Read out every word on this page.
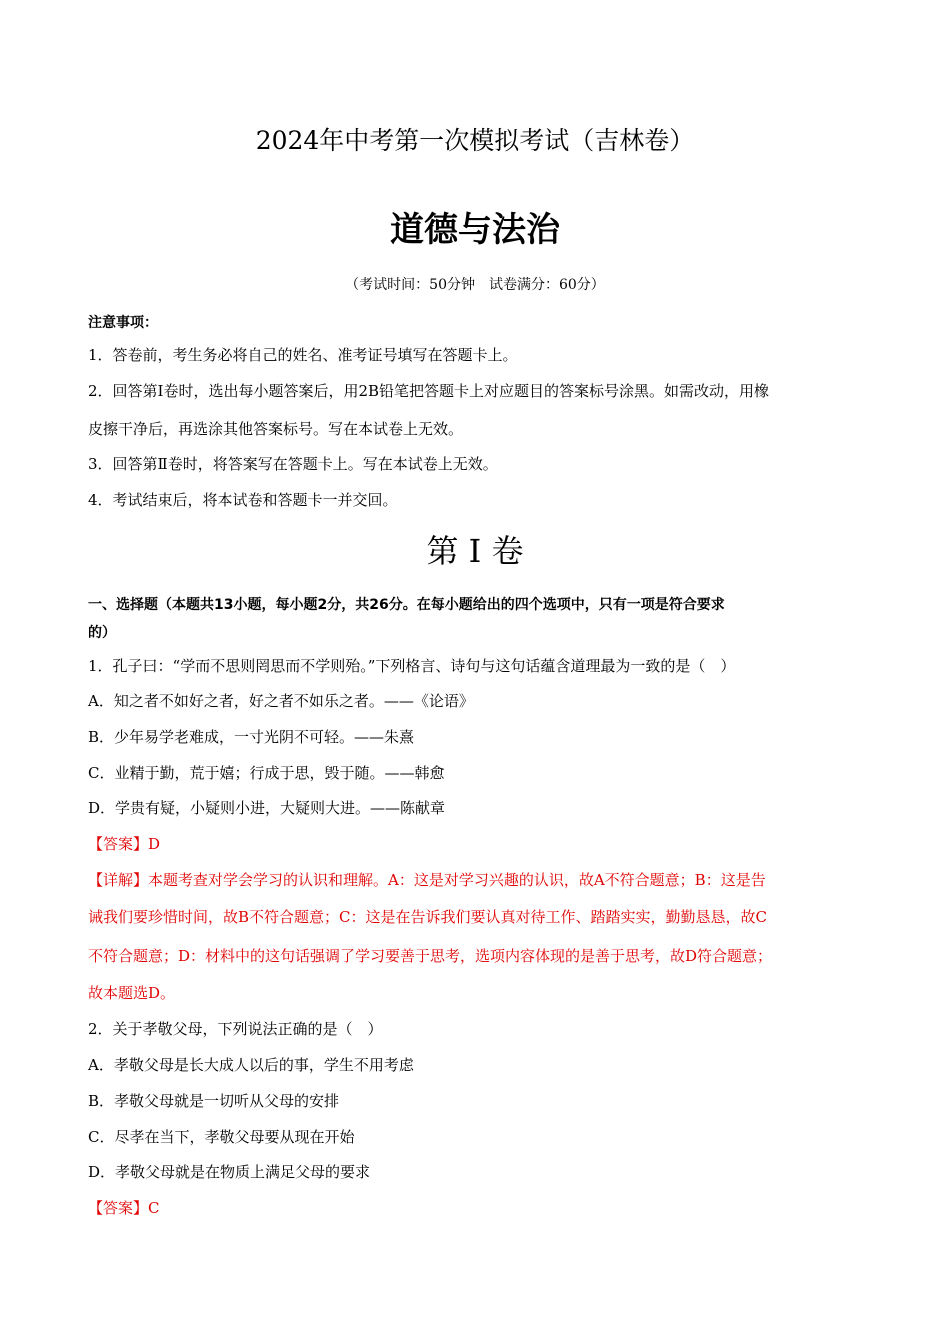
2024年中考第一次模拟考试（吉林卷）
道德与法治
（考试时间：50分钟　试卷满分：60分）
注意事项：
1．答卷前，考生务必将自己的姓名、准考证号填写在答题卡上。
2．回答第Ⅰ卷时，选出每小题答案后，用2B铅笔把答题卡上对应题目的答案标号涂黑。如需改动，用橡
皮擦干净后，再选涂其他答案标号。写在本试卷上无效。
3．回答第Ⅱ卷时，将答案写在答题卡上。写在本试卷上无效。
4．考试结束后，将本试卷和答题卡一并交回。
第 I 卷
一、选择题（本题共13小题，每小题2分，共26分。在每小题给出的四个选项中，只有一项是符合要求
的）
1．孔子曰：“学而不思则罔思而不学则殆。”下列格言、诗句与这句话蕴含道理最为一致的是（　）
A．知之者不如好之者，好之者不如乐之者。——《论语》
B．少年易学老难成，一寸光阴不可轻。——朱熹
C．业精于勤，荒于嬉；行成于思，毁于随。——韩愈
D．学贵有疑，小疑则小进，大疑则大进。——陈献章
【答案】D
【详解】本题考查对学会学习的认识和理解。A：这是对学习兴趣的认识，故A不符合题意；B：这是告
诫我们要珍惜时间，故B不符合题意；C：这是在告诉我们要认真对待工作、踏踏实实，勤勤恳恳，故C
不符合题意；D：材料中的这句话强调了学习要善于思考，选项内容体现的是善于思考，故D符合题意；
故本题选D。
2．关于孝敬父母，下列说法正确的是（　）
A．孝敬父母是长大成人以后的事，学生不用考虑
B．孝敬父母就是一切听从父母的安排
C．尽孝在当下，孝敬父母要从现在开始
D．孝敬父母就是在物质上满足父母的要求
【答案】C
